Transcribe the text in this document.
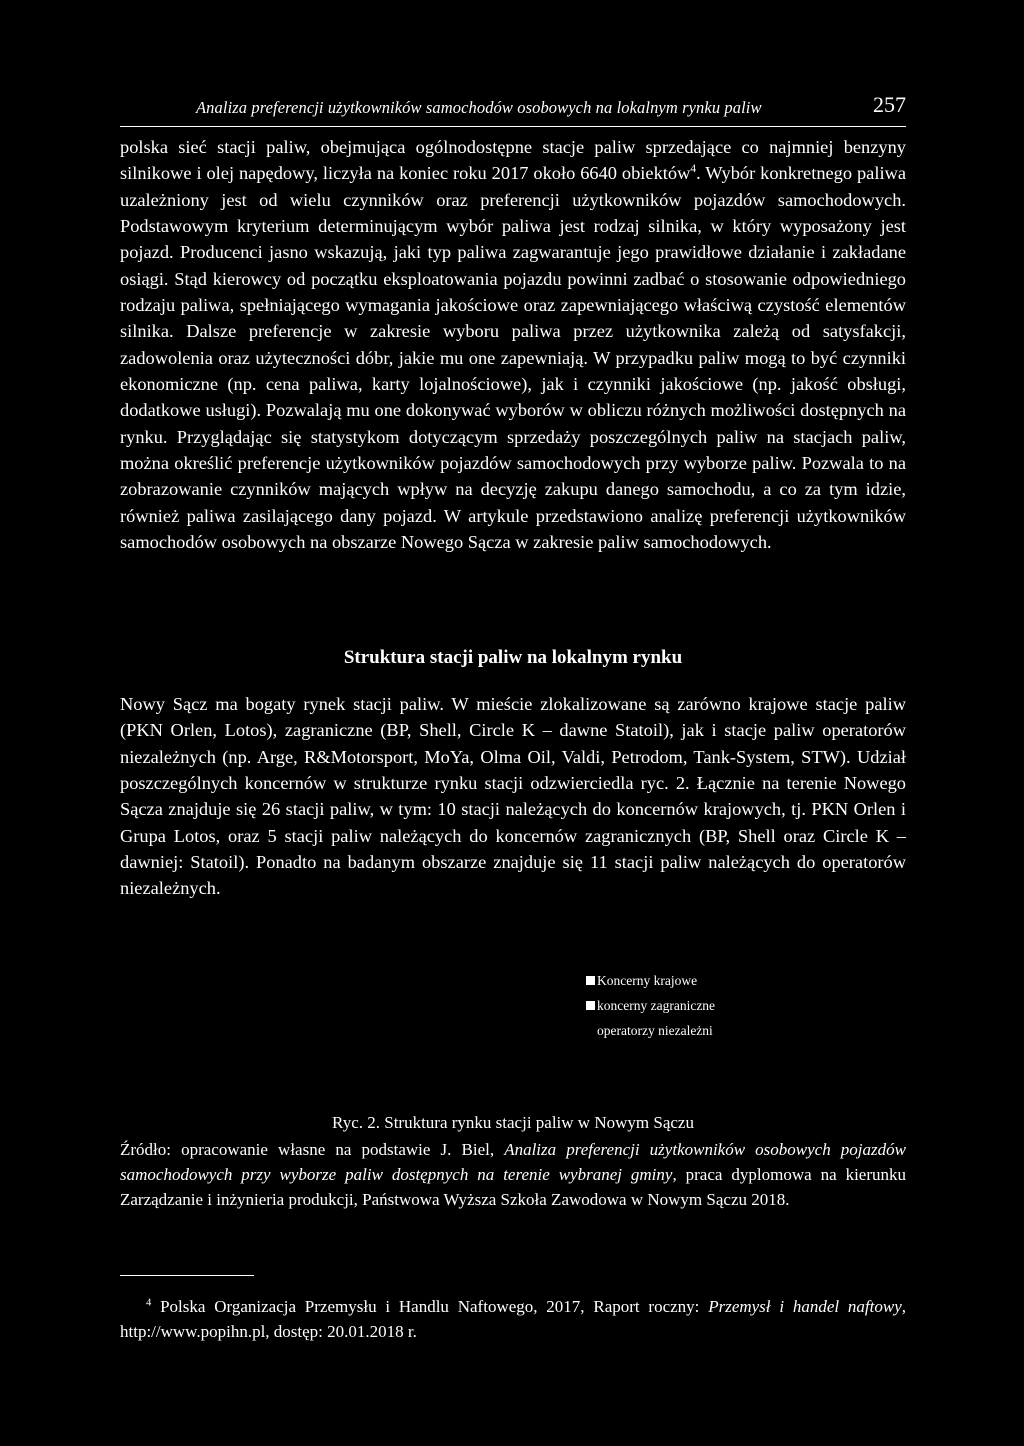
Analiza preferencji użytkowników samochodów osobowych na lokalnym rynku paliw	257

polska sieć stacji paliw, obejmująca ogólnodostępne stacje paliw sprzedające co najmniej benzyny silnikowe i olej napędowy, liczyła na koniec roku 2017 około 6640 obiektów$^4$. Wybór konkretnego paliwa uzależniony jest od wielu czynników oraz preferencji użytkowników pojazdów samochodowych. Podstawowym kryterium determinującym wybór paliwa jest rodzaj silnika, w który wyposażony jest pojazd. Producenci jasno wskazują, jaki typ paliwa zagwarantuje jego prawidłowe działanie i zakładane osiągi. Stąd kierowcy od początku eksploatowania pojazdu powinni zadbać o stosowanie odpowiedniego rodzaju paliwa, spełniającego wymagania jakościowe oraz zapewniającego właściwą czystość elementów silnika. Dalsze preferencje w zakresie wyboru paliwa przez użytkownika zależą od satysfakcji, zadowolenia oraz użyteczności dóbr, jakie mu one zapewniają. W przypadku paliw mogą to być czynniki ekonomiczne (np. cena paliwa, karty lojalnościowe), jak i czynniki jakościowe (np. jakość obsługi, dodatkowe usługi). Pozwalają mu one dokonywać wyborów w obliczu różnych możliwości dostępnych na rynku. Przyglądając się statystykom dotyczącym sprzedaży poszczególnych paliw na stacjach paliw, można określić preferencje użytkowników pojazdów samochodowych przy wyborze paliw. Pozwala to na zobrazowanie czynników mających wpływ na decyzję zakupu danego samochodu, a co za tym idzie, również paliwa zasilającego dany pojazd. W artykule przedstawiono analizę preferencji użytkowników samochodów osobowych na obszarze Nowego Sącza w zakresie paliw samochodowych.

Struktura stacji paliw na lokalnym rynku

Nowy Sącz ma bogaty rynek stacji paliw. W mieście zlokalizowane są zarówno krajowe stacje paliw (PKN Orlen, Lotos), zagraniczne (BP, Shell, Circle K – dawne Statoil), jak i stacje paliw operatorów niezależnych (np. Arge, R&Motorsport, MoYa, Olma Oil, Valdi, Petrodom, Tank-System, STW). Udział poszczególnych koncernów w strukturze rynku stacji odzwierciedla ryc. 2. Łącznie na terenie Nowego Sącza znajduje się 26 stacji paliw, w tym: 10 stacji należących do koncernów krajowych, tj. PKN Orlen i Grupa Lotos, oraz 5 stacji paliw należących do koncernów zagranicznych (BP, Shell oraz Circle K – dawniej: Statoil). Ponadto na badanym obszarze znajduje się 11 stacji paliw należących do operatorów niezależnych.

Koncerny krajowe
koncerny zagraniczne
operatorzy niezależni

Ryc. 2. Struktura rynku stacji paliw w Nowym Sączu

Źródło: opracowanie własne na podstawie J. Biel, Analiza preferencji użytkowników osobowych pojazdów samochodowych przy wyborze paliw dostępnych na terenie wybranej gminy, praca dyplomowa na kierunku Zarządzanie i inżynieria produkcji, Państwowa Wyższa Szkoła Zawodowa w Nowym Sączu 2018.

$^4$ Polska Organizacja Przemysłu i Handlu Naftowego, 2017, Raport roczny: Przemysł i handel naftowy, http://www.popihn.pl, dostęp: 20.01.2018 r.
